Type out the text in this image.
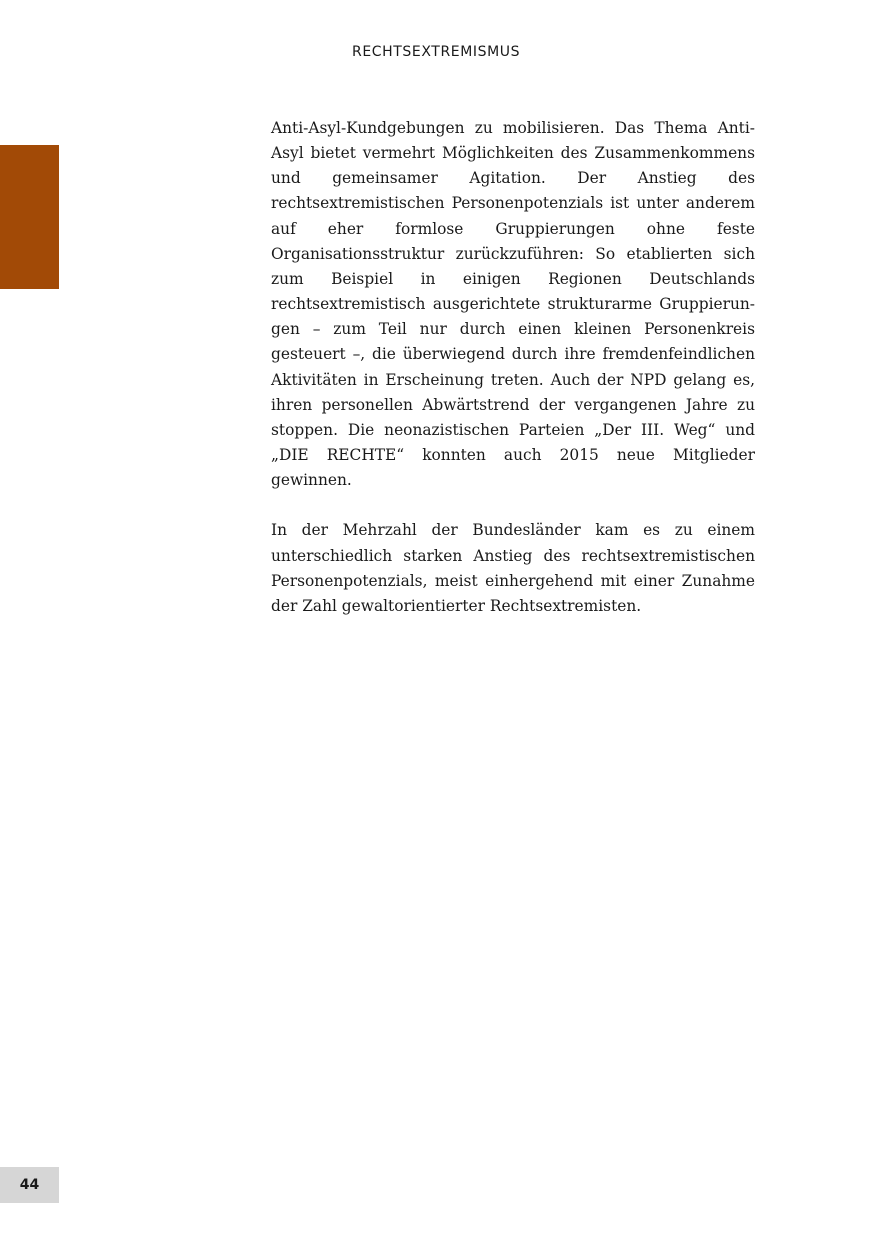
RECHTSEXTREMISMUS

Anti-Asyl-Kundgebungen zu mobilisieren. Das Thema Anti-Asyl bietet vermehrt Möglichkeiten des Zusammenkommens und gemeinsamer Agitation. Der Anstieg des rechtsextremistischen Personenpotenzials ist unter anderem auf eher formlose Gruppierungen ohne feste Organisationsstruktur zurückzuführen: So etablierten sich zum Beispiel in einigen Regionen Deutschlands rechtsextremistisch ausgerichtete strukturarme Gruppierungen – zum Teil nur durch einen kleinen Personenkreis gesteuert –, die überwiegend durch ihre fremdenfeindlichen Aktivitäten in Erscheinung treten. Auch der NPD gelang es, ihren personellen Abwärtstrend der vergangenen Jahre zu stoppen. Die neonazistischen Parteien „Der III. Weg“ und „DIE RECHTE“ konnten auch 2015 neue Mitglieder gewinnen.

In der Mehrzahl der Bundesländer kam es zu einem unterschiedlich starken Anstieg des rechtsextremistischen Personenpotenzials, meist einhergehend mit einer Zunahme der Zahl gewaltorientierter Rechtsextremisten.

44
